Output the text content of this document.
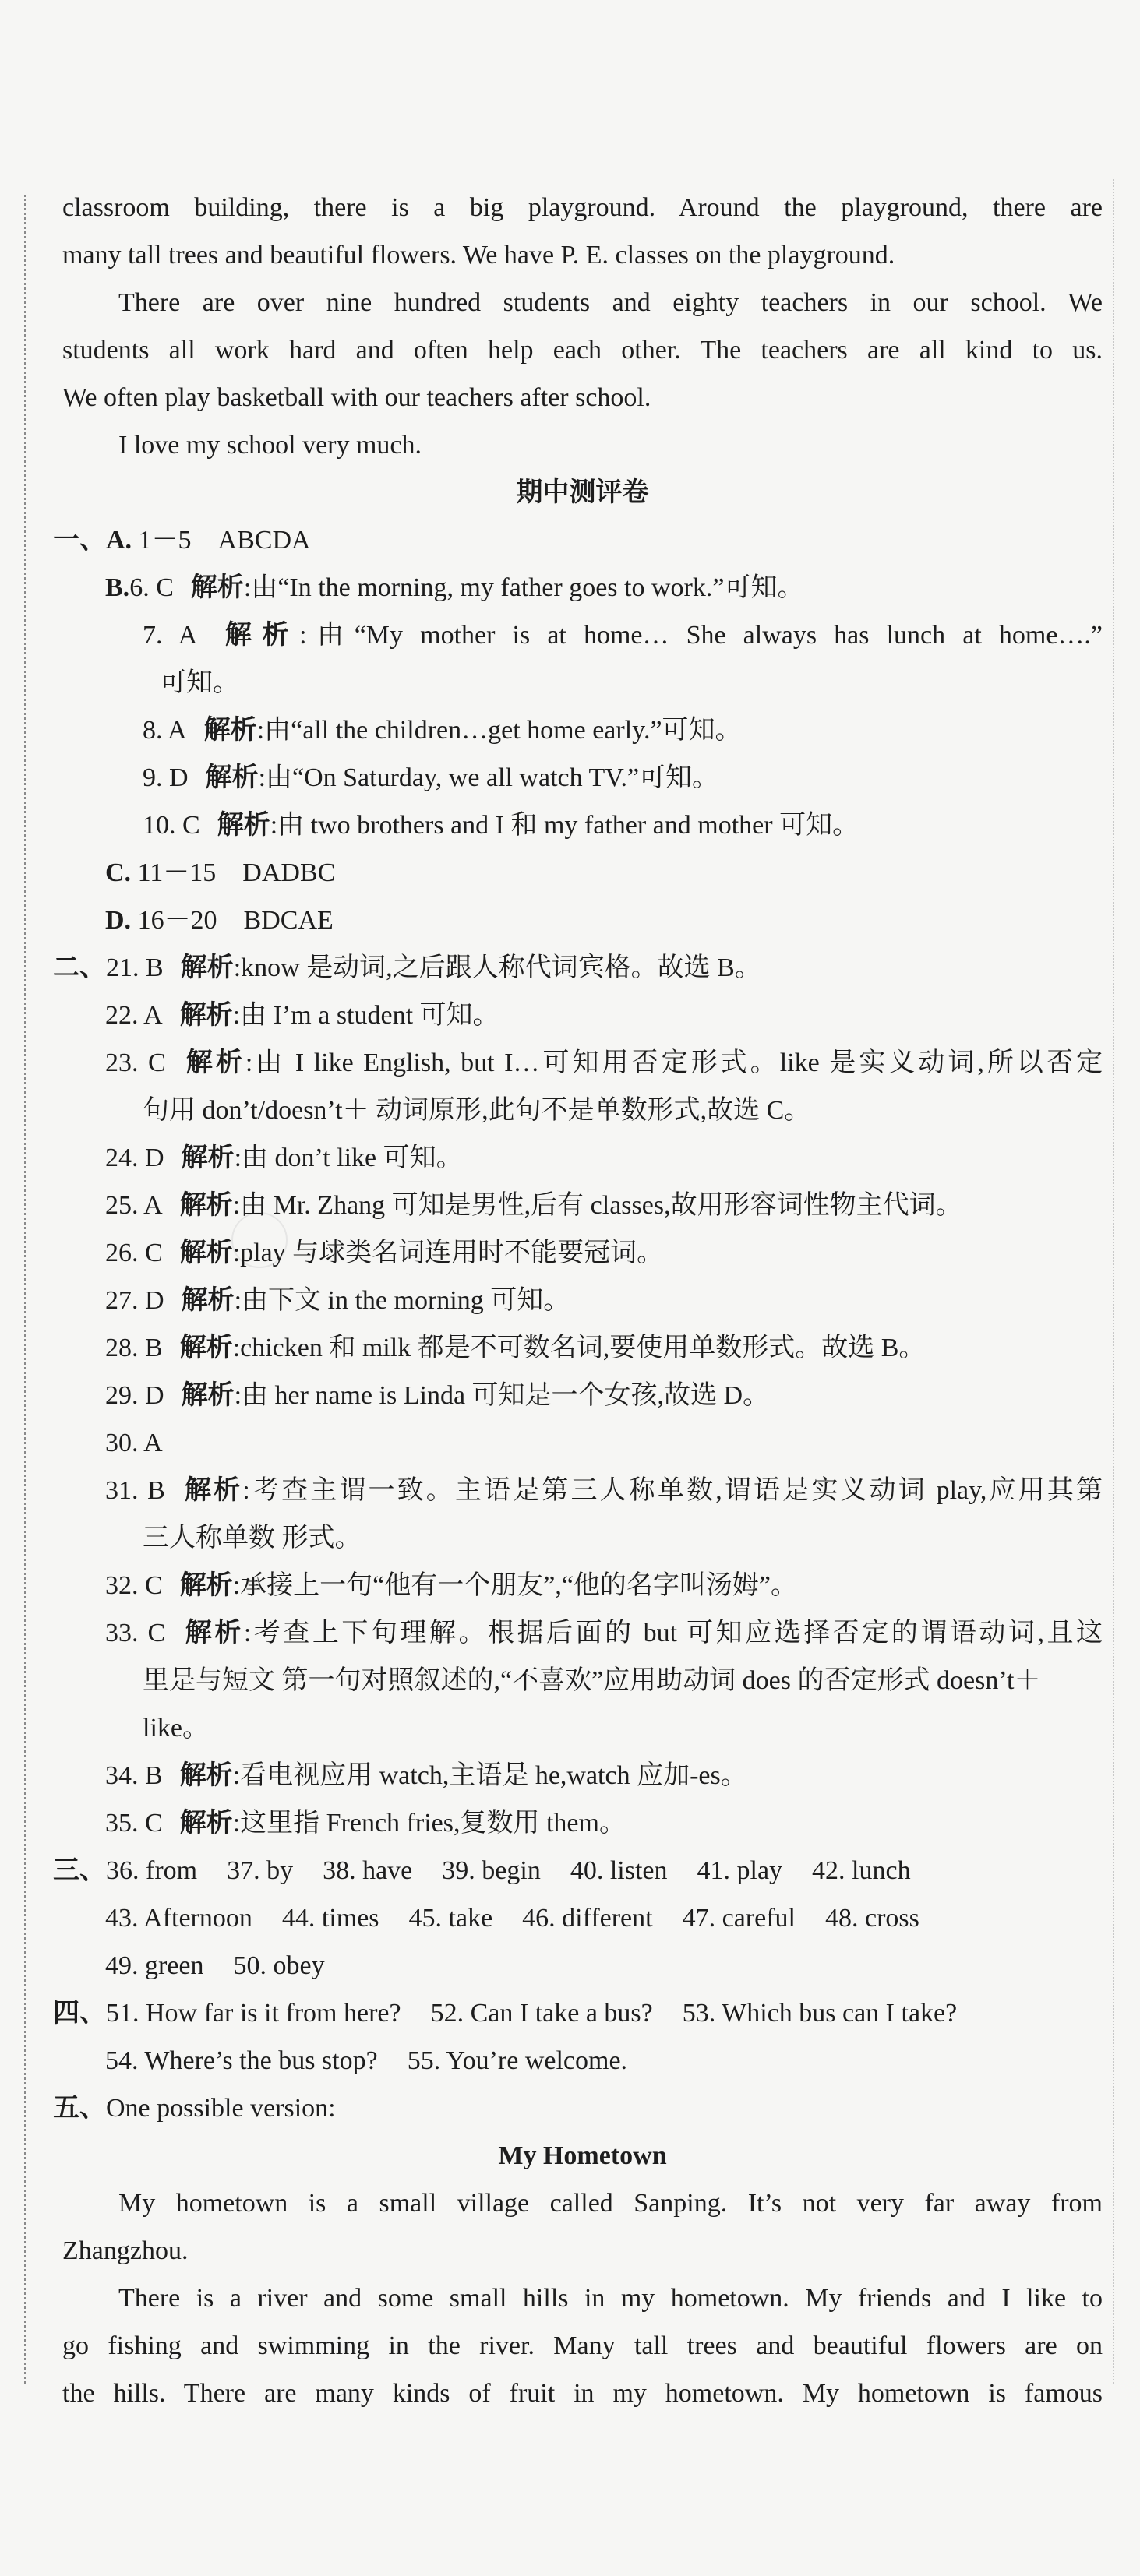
classroom building, there is a big playground. Around the playground, there are
many tall trees and beautiful flowers. We have P. E. classes on the playground.
There are over nine hundred students and eighty teachers in our school. We
students all work hard and often help each other. The teachers are all kind to us.
We often play basketball with our teachers after school.
I love my school very much.
期中测评卷
一、A. 1－5　ABCDA
B.6. C 解析:由“In the morning, my father goes to work.”可知。
7. A 解析:由“My mother is at home… She always has lunch at home….”
可知。
8. A 解析:由“all the children…get home early.”可知。
9. D 解析:由“On Saturday, we all watch TV.”可知。
10. C 解析:由 two brothers and I 和 my father and mother 可知。
C. 11－15　DADBC
D. 16－20　BDCAE
二、21. B 解析:know 是动词,之后跟人称代词宾格。故选 B。
22. A 解析:由 I’m a student 可知。
23. C 解析:由 I like English, but I…可知用否定形式。like 是实义动词,所以否定
句用 don’t/doesn’t＋ 动词原形,此句不是单数形式,故选 C。
24. D 解析:由 don’t like 可知。
25. A 解析:由 Mr. Zhang 可知是男性,后有 classes,故用形容词性物主代词。
26. C 解析:play 与球类名词连用时不能要冠词。
27. D 解析:由下文 in the morning 可知。
28. B 解析:chicken 和 milk 都是不可数名词,要使用单数形式。故选 B。
29. D 解析:由 her name is Linda 可知是一个女孩,故选 D。
30. A
31. B 解析:考查主谓一致。主语是第三人称单数,谓语是实义动词 play,应用其第
三人称单数 形式。
32. C 解析:承接上一句“他有一个朋友”,“他的名字叫汤姆”。
33. C 解析:考查上下句理解。根据后面的 but 可知应选择否定的谓语动词,且这
里是与短文 第一句对照叙述的,“不喜欢”应用助动词 does 的否定形式 doesn’t＋
like。
34. B 解析:看电视应用 watch,主语是 he,watch 应加-es。
35. C 解析:这里指 French fries,复数用 them。
三、36. from 37. by 38. have 39. begin 40. listen 41. play 42. lunch
43. Afternoon 44. times 45. take 46. different 47. careful 48. cross
49. green 50. obey
四、51. How far is it from here? 52. Can I take a bus? 53. Which bus can I take?
54. Where’s the bus stop? 55. You’re welcome.
五、One possible version:
My Hometown
My hometown is a small village called Sanping. It’s not very far away from
Zhangzhou.
There is a river and some small hills in my hometown. My friends and I like to
go fishing and swimming in the river. Many tall trees and beautiful flowers are on
the hills. There are many kinds of fruit in my hometown. My hometown is famous
